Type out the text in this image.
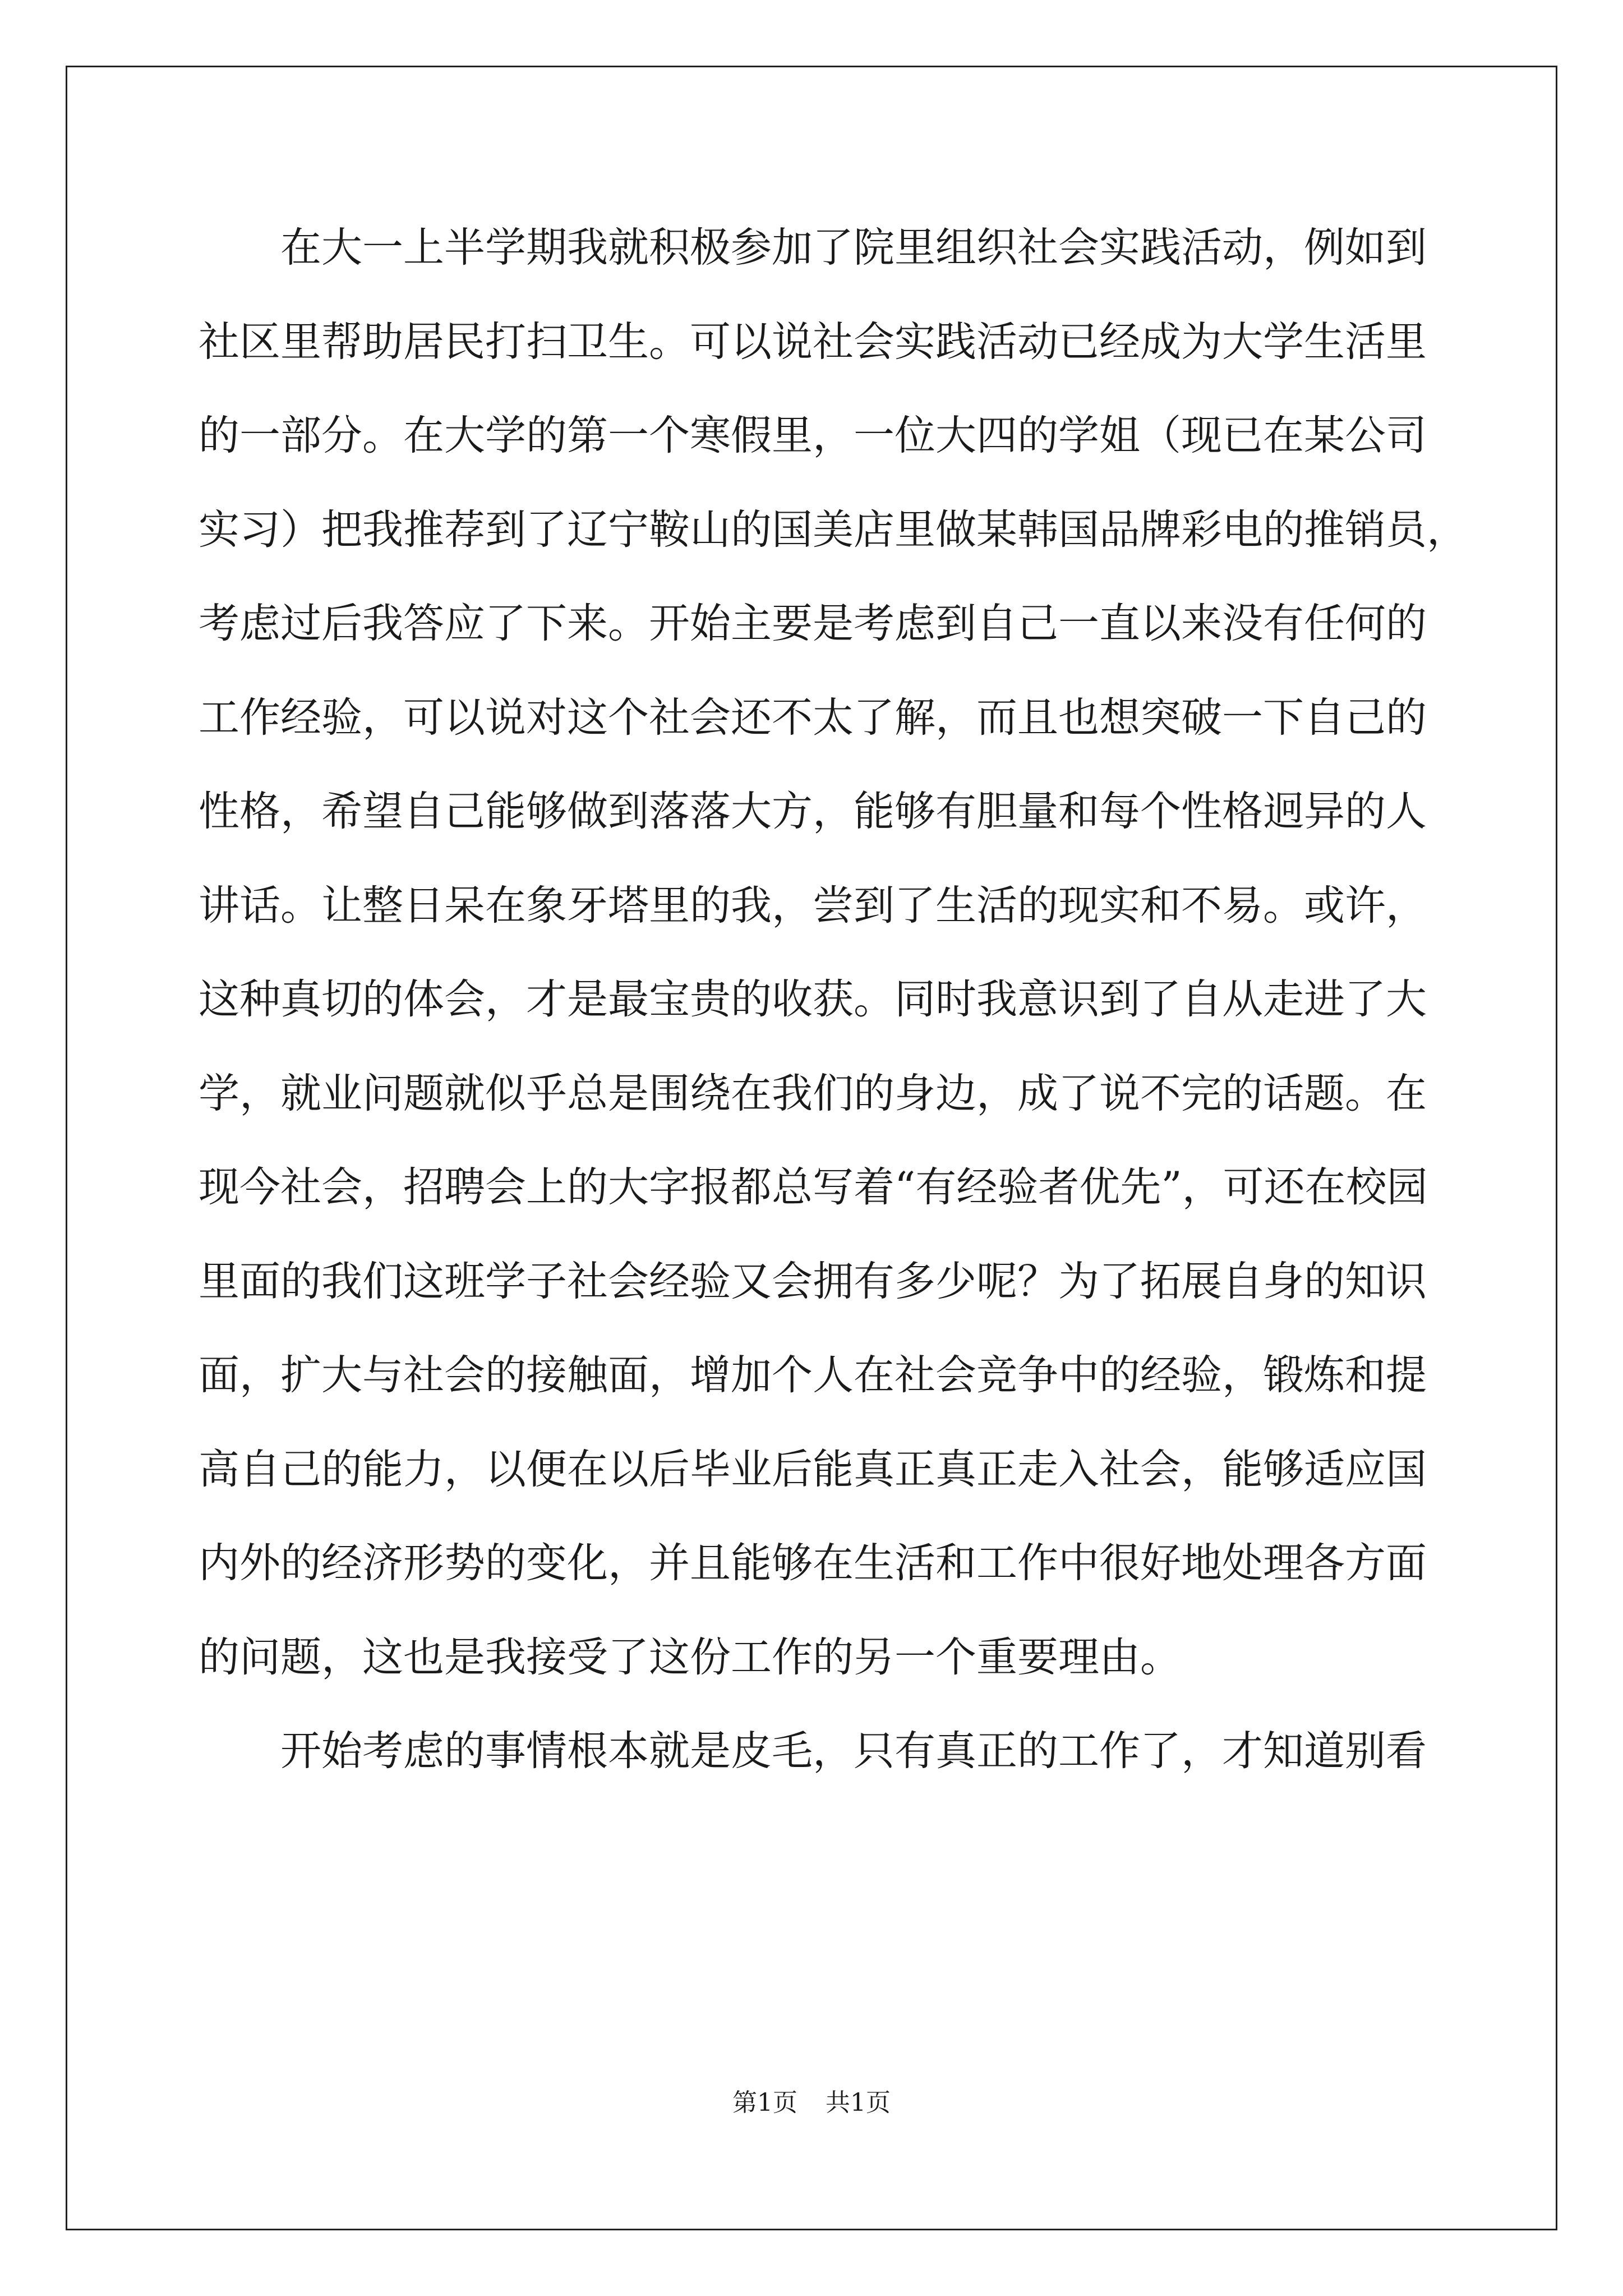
在大一上半学期我就积极参加了院里组织社会实践活动，例如到
社区里帮助居民打扫卫生。可以说社会实践活动已经成为大学生活里
的一部分。在大学的第一个寒假里，一位大四的学姐（现已在某公司
实习）把我推荐到了辽宁鞍山的国美店里做某韩国品牌彩电的推销员，
考虑过后我答应了下来。开始主要是考虑到自己一直以来没有任何的
工作经验，可以说对这个社会还不太了解，而且也想突破一下自己的
性格，希望自己能够做到落落大方，能够有胆量和每个性格迥异的人
讲话。让整日呆在象牙塔里的我，尝到了生活的现实和不易。或许，
这种真切的体会，才是最宝贵的收获。同时我意识到了自从走进了大
学，就业问题就似乎总是围绕在我们的身边，成了说不完的话题。在
现今社会，招聘会上的大字报都总写着“有经验者优先”，可还在校园
里面的我们这班学子社会经验又会拥有多少呢？为了拓展自身的知识
面，扩大与社会的接触面，增加个人在社会竞争中的经验，锻炼和提
高自己的能力，以便在以后毕业后能真正真正走入社会，能够适应国
内外的经济形势的变化，并且能够在生活和工作中很好地处理各方面
的问题，这也是我接受了这份工作的另一个重要理由。
开始考虑的事情根本就是皮毛，只有真正的工作了，才知道别看
第1页 共1页
